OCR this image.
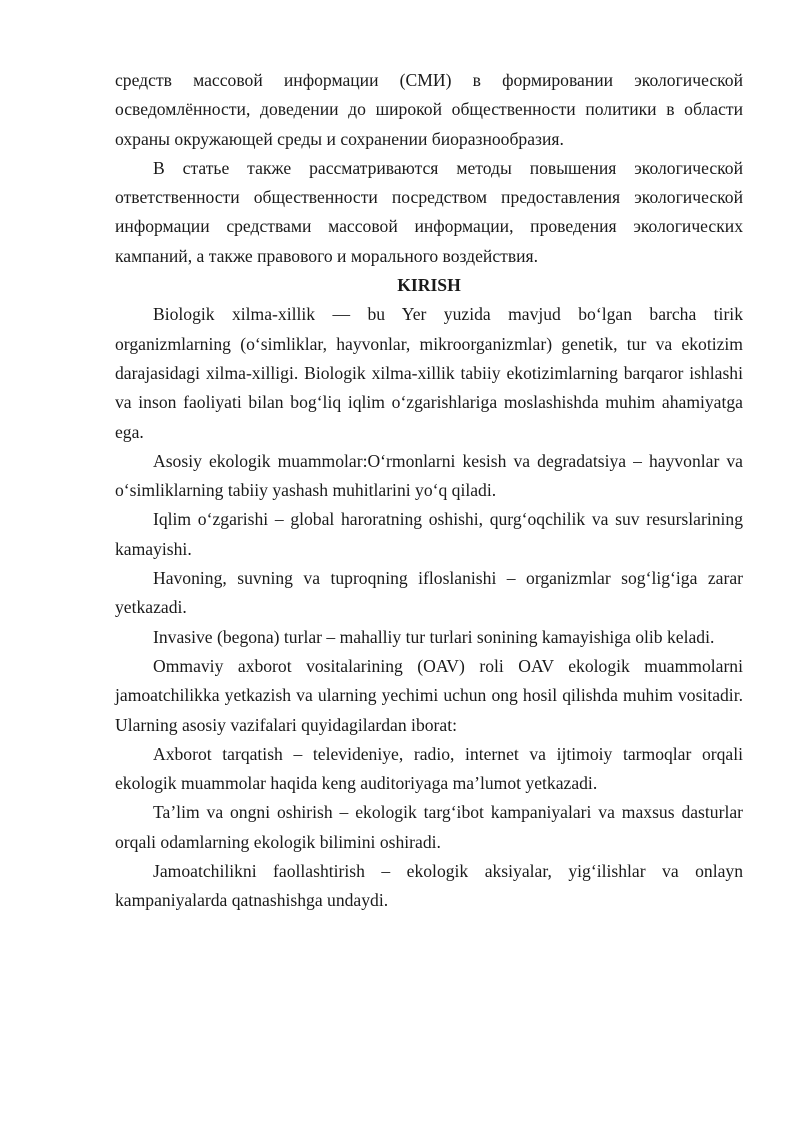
средств массовой информации (СМИ) в формировании экологической осведомлённости, доведении до широкой общественности политики в области охраны окружающей среды и сохранении биоразнообразия.

В статье также рассматриваются методы повышения экологической ответственности общественности посредством предоставления экологической информации средствами массовой информации, проведения экологических кампаний, а также правового и морального воздействия.

KIRISH

Biologik xilma-xillik — bu Yer yuzida mavjud bo‘lgan barcha tirik organizmlarning (o‘simliklar, hayvonlar, mikroorganizmlar) genetik, tur va ekotizim darajasidagi xilma-xilligi. Biologik xilma-xillik tabiiy ekotizimlarning barqaror ishlashi va inson faoliyati bilan bog‘liq iqlim o‘zgarishlariga moslashishda muhim ahamiyatga ega.

Asosiy ekologik muammolar:O‘rmonlarni kesish va degradatsiya – hayvonlar va o‘simliklarning tabiiy yashash muhitlarini yo‘q qiladi.

Iqlim o‘zgarishi – global haroratning oshishi, qurg‘oqchilik va suv resurslarining kamayishi.

Havoning, suvning va tuproqning ifloslanishi – organizmlar sog‘lig‘iga zarar yetkazadi.

Invasive (begona) turlar – mahalliy tur turlari sonining kamayishiga olib keladi.

Ommaviy axborot vositalarining (OAV) roli OAV ekologik muammolarni jamoatchilikka yetkazish va ularning yechimi uchun ong hosil qilishda muhim vositadir. Ularning asosiy vazifalari quyidagilardan iborat:

Axborot tarqatish – televideniye, radio, internet va ijtimoiy tarmoqlar orqali ekologik muammolar haqida keng auditoriyaga ma’lumot yetkazadi.

Ta’lim va ongni oshirish – ekologik targ‘ibot kampaniyalari va maxsus dasturlar orqali odamlarning ekologik bilimini oshiradi.

Jamoatchilikni faollashtirish – ekologik aksiyalar, yig‘ilishlar va onlayn kampaniyalarda qatnashishga undaydi.
